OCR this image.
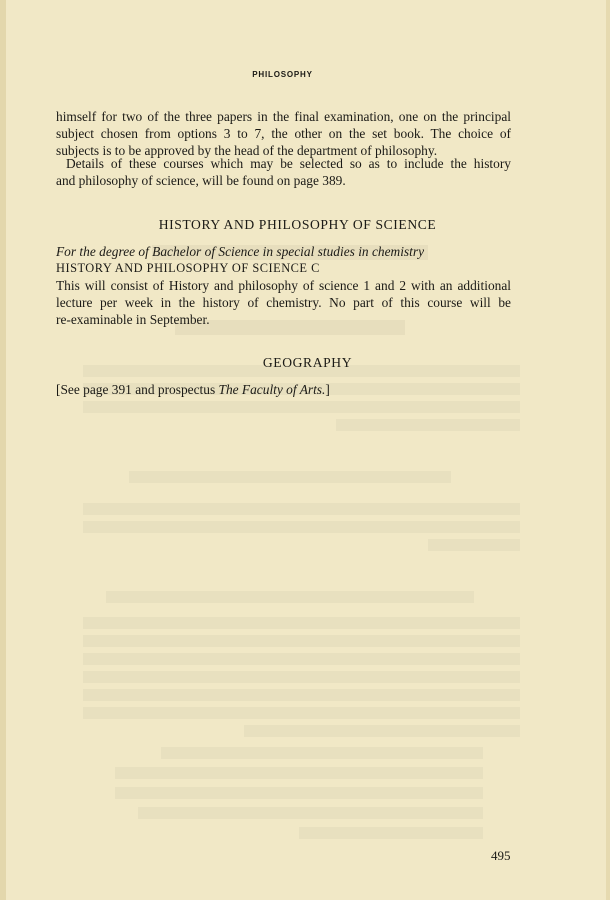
PHILOSOPHY
himself for two of the three papers in the final examination, one on the principal
subject chosen from options 3 to 7, the other on the set book. The choice of
subjects is to be approved by the head of the department of philosophy.
Details of these courses which may be selected so as to include the history
and philosophy of science, will be found on page 389.
HISTORY AND PHILOSOPHY OF SCIENCE
For the degree of Bachelor of Science in special studies in chemistry
HISTORY AND PHILOSOPHY OF SCIENCE C
This will consist of History and philosophy of science 1 and 2 with an additional
lecture per week in the history of chemistry. No part of this course will be
re-examinable in September.
GEOGRAPHY
[See page 391 and prospectus The Faculty of Arts.]
495
